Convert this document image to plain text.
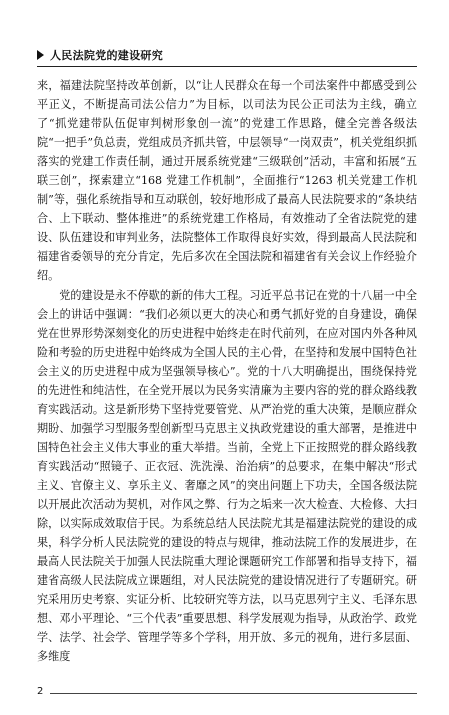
人民法院党的建设研究

来，福建法院坚持改革创新，以“让人民群众在每一个司法案件中都感受到公平正义，不断提高司法公信力”为目标，以司法为民公正司法为主线，确立了“抓党建带队伍促审判树形象创一流”的党建工作思路，健全完善各级法院“一把手”负总责，党组成员齐抓共管，中层领导“一岗双责”，机关党组织抓落实的党建工作责任制，通过开展系统党建“三级联创”活动，丰富和拓展“五联三创”，探索建立“168 党建工作机制”，全面推行“1263 机关党建工作机制”等，强化系统指导和互动联创，较好地形成了最高人民法院要求的“条块结合、上下联动、整体推进”的系统党建工作格局，有效推动了全省法院党的建设、队伍建设和审判业务，法院整体工作取得良好实效，得到最高人民法院和福建省委领导的充分肯定，先后多次在全国法院和福建省有关会议上作经验介绍。

党的建设是永不停歇的新的伟大工程。习近平总书记在党的十八届一中全会上的讲话中强调：“我们必须以更大的决心和勇气抓好党的自身建设，确保党在世界形势深刻变化的历史进程中始终走在时代前列，在应对国内外各种风险和考验的历史进程中始终成为全国人民的主心骨，在坚持和发展中国特色社会主义的历史进程中成为坚强领导核心”。党的十八大明确提出，围绕保持党的先进性和纯洁性，在全党开展以为民务实清廉为主要内容的党的群众路线教育实践活动。这是新形势下坚持党要管党、从严治党的重大决策，是顺应群众期盼、加强学习型服务型创新型马克思主义执政党建设的重大部署，是推进中国特色社会主义伟大事业的重大举措。当前，全党上下正按照党的群众路线教育实践活动“照镜子、正衣冠、洗洗澡、治治病”的总要求，在集中解决“形式主义、官僚主义、享乐主义、奢靡之风”的突出问题上下功夫，全国各级法院以开展此次活动为契机，对作风之弊、行为之垢来一次大检查、大检修、大扫除，以实际成效取信于民。为系统总结人民法院尤其是福建法院党的建设的成果，科学分析人民法院党的建设的特点与规律，推动法院工作的发展进步，在最高人民法院关于加强人民法院重大理论课题研究工作部署和指导支持下，福建省高级人民法院成立课题组，对人民法院党的建设情况进行了专题研究。研究采用历史考察、实证分析、比较研究等方法，以马克思列宁主义、毛泽东思想、邓小平理论、“三个代表”重要思想、科学发展观为指导，从政治学、政党学、法学、社会学、管理学等多个学科，用开放、多元的视角，进行多层面、多维度

2
